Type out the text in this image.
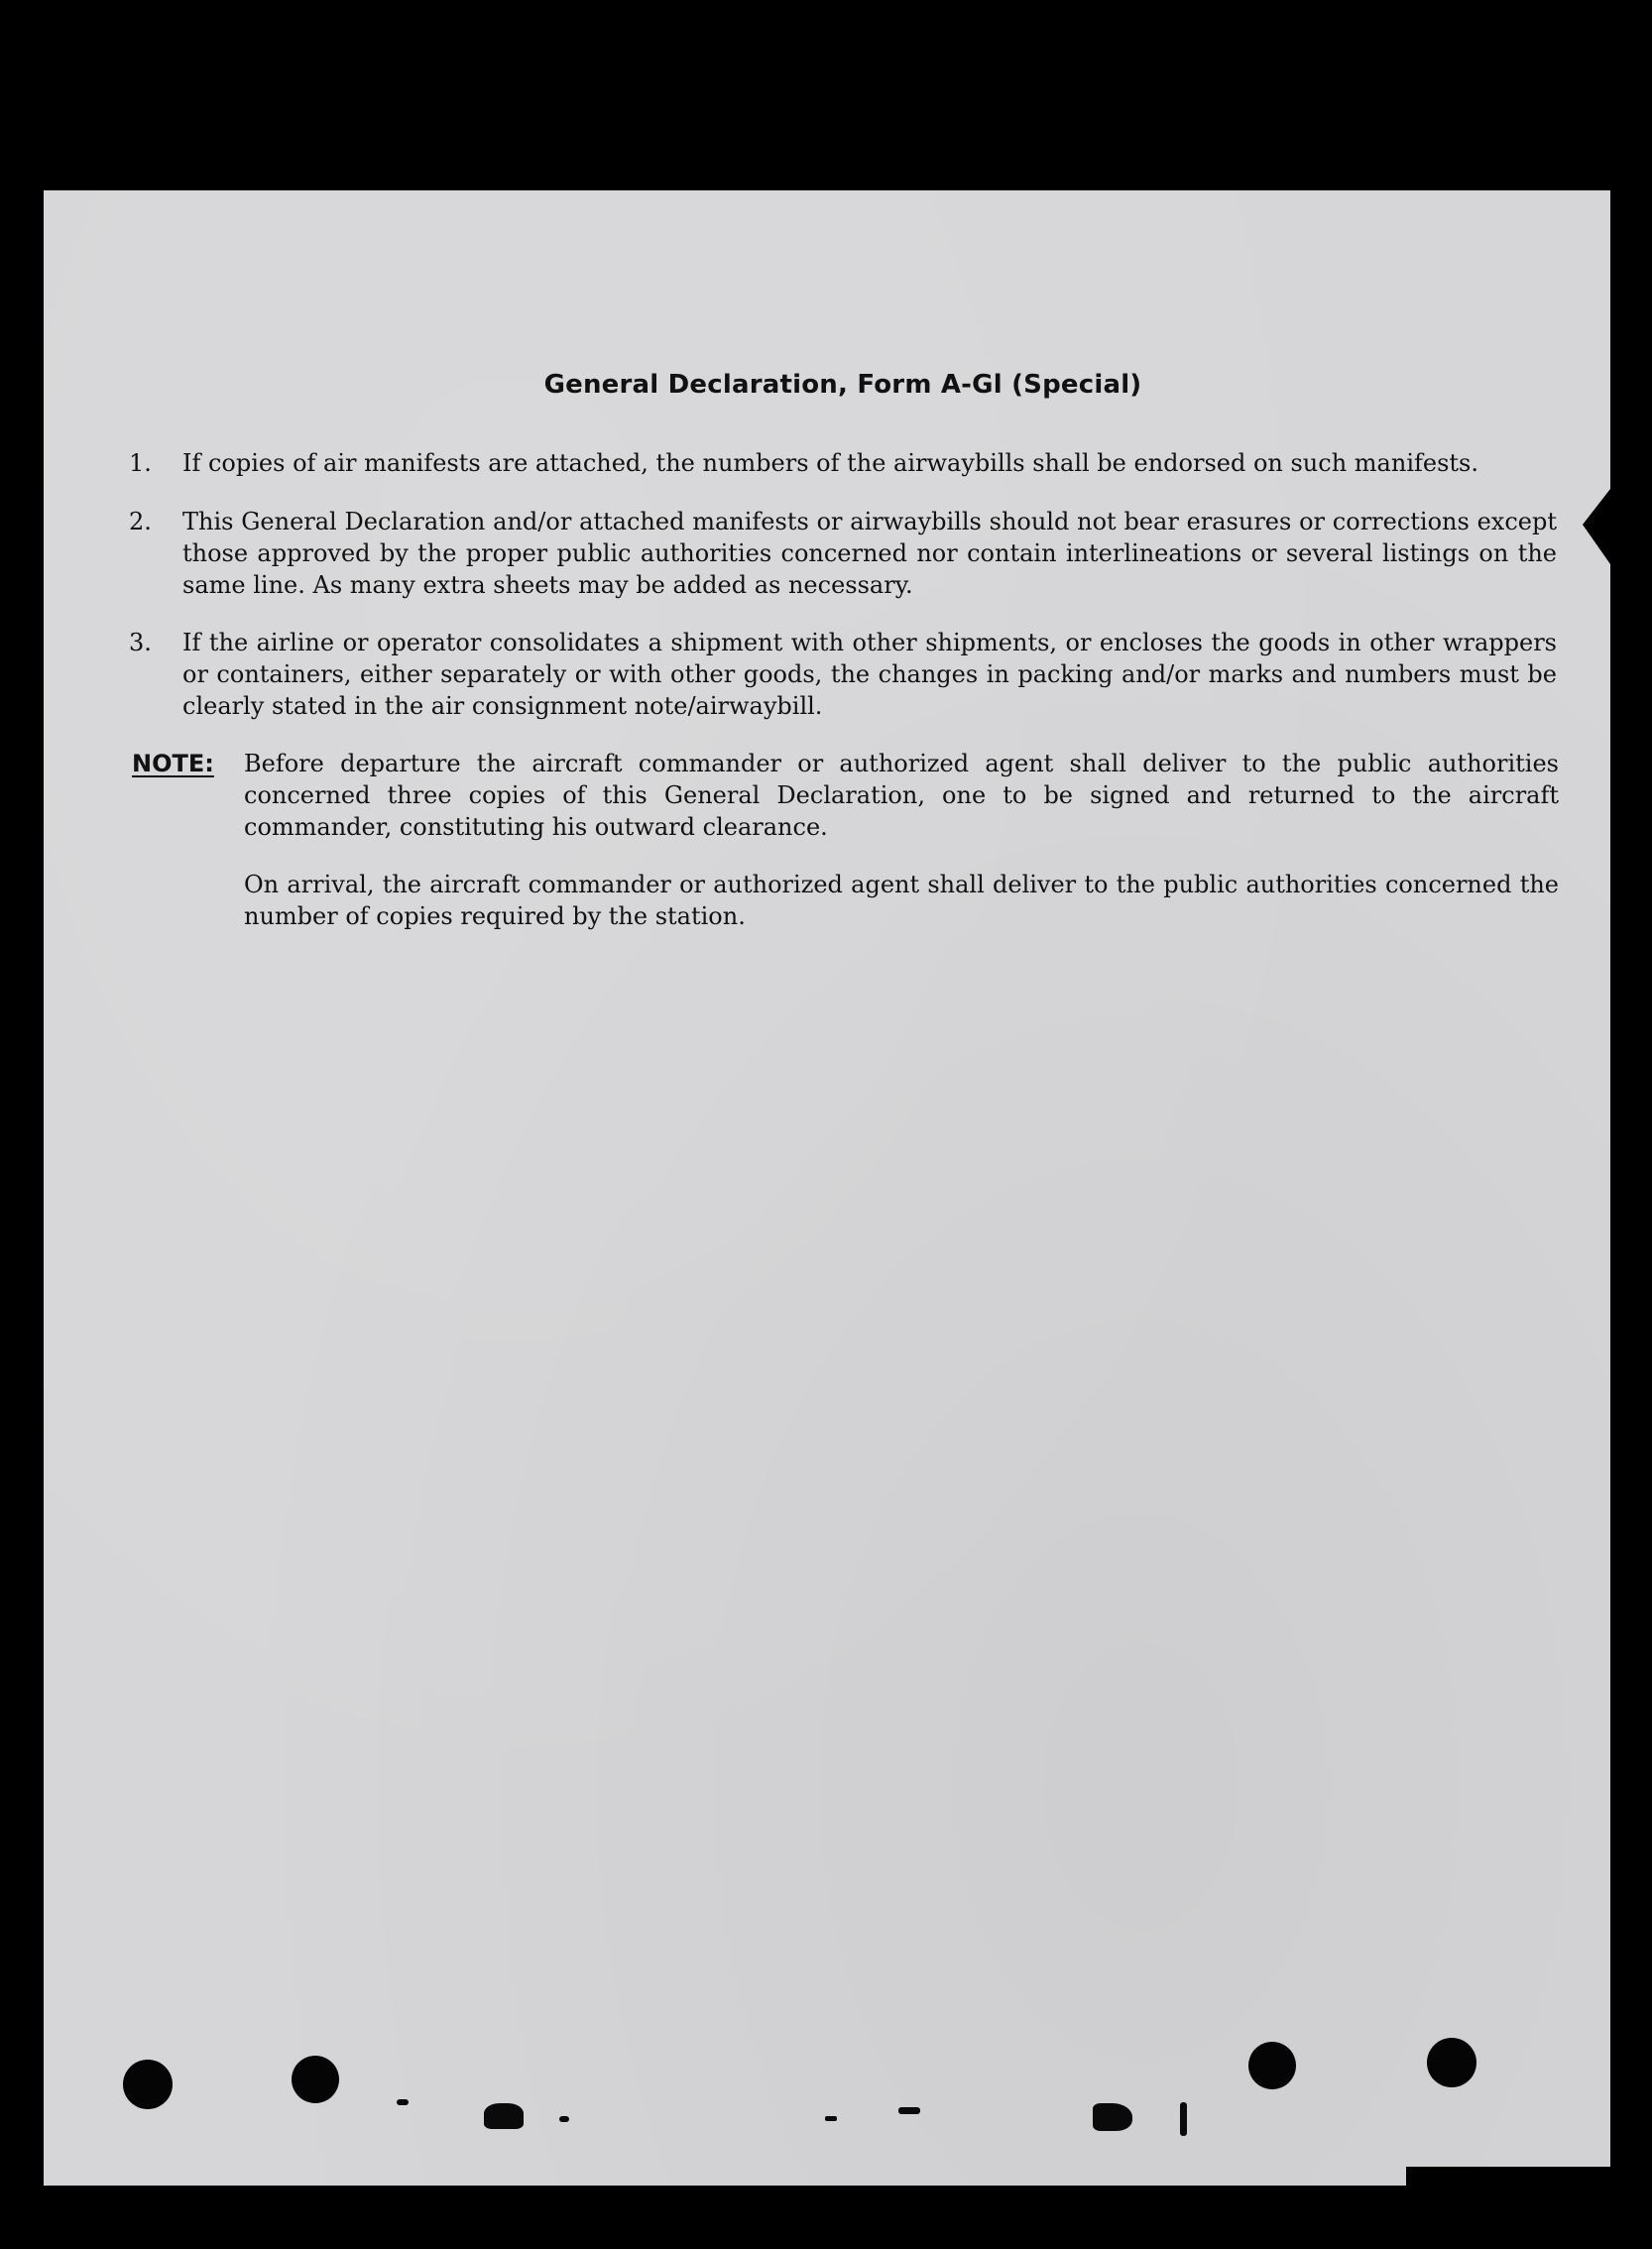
General Declaration, Form A-Gl (Special)
1.	If copies of air manifests are attached, the numbers of the airwaybills shall be endorsed on such manifests.
2.	This General Declaration and/or attached manifests or airwaybills should not bear erasures or corrections except those approved by the proper public authorities concerned nor contain interlineations or several listings on the same line. As many extra sheets may be added as necessary.
3.	If the airline or operator consolidates a shipment with other shipments, or encloses the goods in other wrappers or containers, either separately or with other goods, the changes in packing and/or marks and numbers must be clearly stated in the air consignment note/airwaybill.
NOTE: Before departure the aircraft commander or authorized agent shall deliver to the public authorities concerned three copies of this General Declaration, one to be signed and returned to the aircraft commander, constituting his outward clearance.
On arrival, the aircraft commander or authorized agent shall deliver to the public authorities concerned the number of copies required by the station.
